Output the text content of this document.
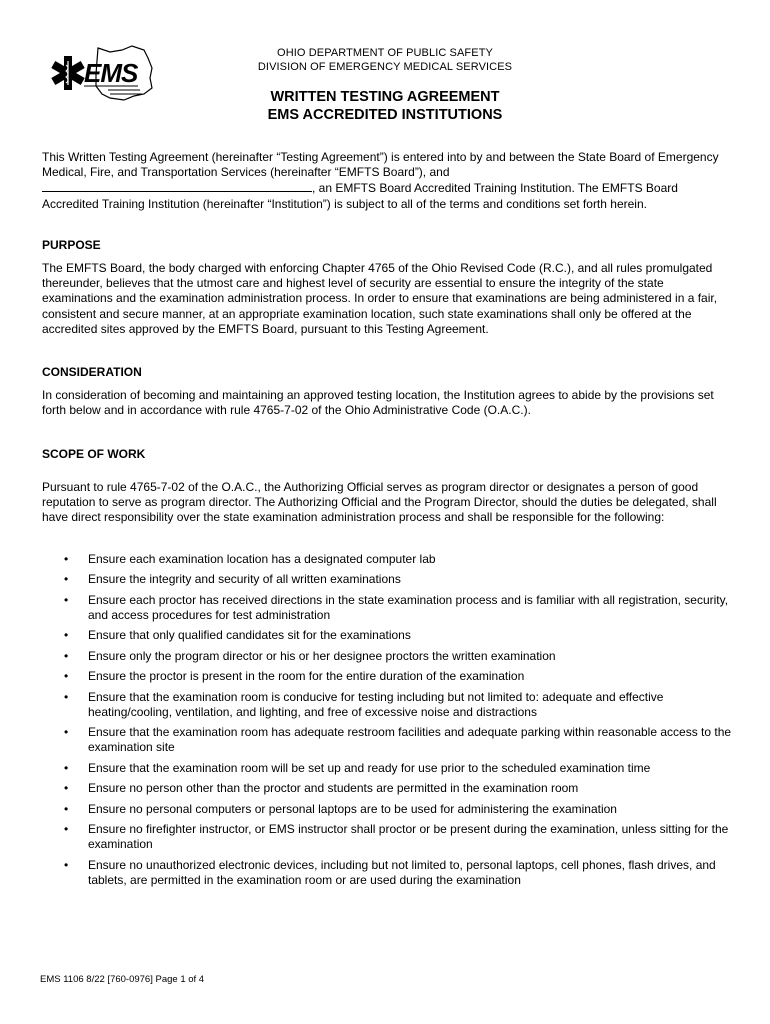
EMS
OHIO DEPARTMENT OF PUBLIC SAFETY
DIVISION OF EMERGENCY MEDICAL SERVICES
WRITTEN TESTING AGREEMENT
EMS ACCREDITED INSTITUTIONS
This Written Testing Agreement (hereinafter “Testing Agreement”) is entered into by and between the State Board of Emergency Medical, Fire, and Transportation Services (hereinafter “EMFTS Board”), and
, an EMFTS Board Accredited Training Institution. The EMFTS Board Accredited Training Institution (hereinafter “Institution”) is subject to all of the terms and conditions set forth herein.
PURPOSE
The EMFTS Board, the body charged with enforcing Chapter 4765 of the Ohio Revised Code (R.C.), and all rules promulgated thereunder, believes that the utmost care and highest level of security are essential to ensure the integrity of the state examinations and the examination administration process. In order to ensure that examinations are being administered in a fair, consistent and secure manner, at an appropriate examination location, such state examinations shall only be offered at the accredited sites approved by the EMFTS Board, pursuant to this Testing Agreement.
CONSIDERATION
In consideration of becoming and maintaining an approved testing location, the Institution agrees to abide by the provisions set forth below and in accordance with rule 4765-7-02 of the Ohio Administrative Code (O.A.C.).
SCOPE OF WORK
Pursuant to rule 4765-7-02 of the O.A.C., the Authorizing Official serves as program director or designates a person of good reputation to serve as program director. The Authorizing Official and the Program Director, should the duties be delegated, shall have direct responsibility over the state examination administration process and shall be responsible for the following:
• Ensure each examination location has a designated computer lab
• Ensure the integrity and security of all written examinations
• Ensure each proctor has received directions in the state examination process and is familiar with all registration, security, and access procedures for test administration
• Ensure that only qualified candidates sit for the examinations
• Ensure only the program director or his or her designee proctors the written examination
• Ensure the proctor is present in the room for the entire duration of the examination
• Ensure that the examination room is conducive for testing including but not limited to: adequate and effective heating/cooling, ventilation, and lighting, and free of excessive noise and distractions
• Ensure that the examination room has adequate restroom facilities and adequate parking within reasonable access to the examination site
• Ensure that the examination room will be set up and ready for use prior to the scheduled examination time
• Ensure no person other than the proctor and students are permitted in the examination room
• Ensure no personal computers or personal laptops are to be used for administering the examination
• Ensure no firefighter instructor, or EMS instructor shall proctor or be present during the examination, unless sitting for the examination
• Ensure no unauthorized electronic devices, including but not limited to, personal laptops, cell phones, flash drives, and tablets, are permitted in the examination room or are used during the examination
EMS 1106 8/22 [760-0976] Page 1 of 4
